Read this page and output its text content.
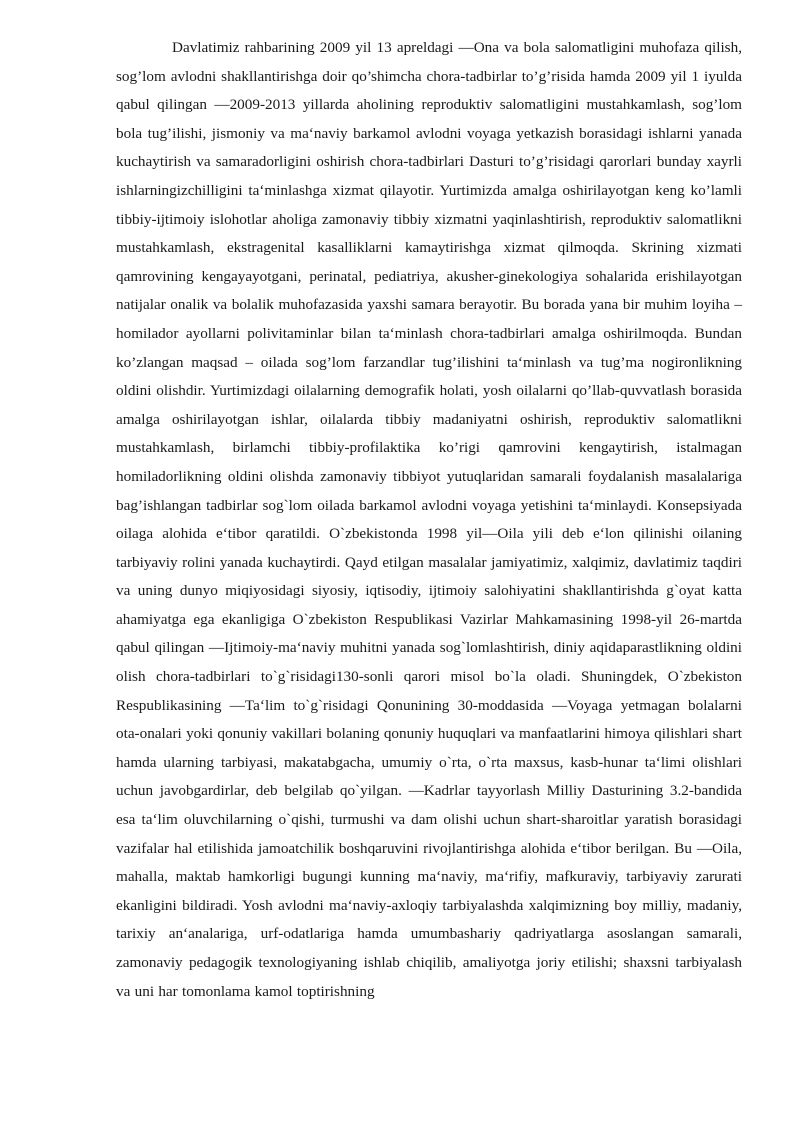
Davlatimiz rahbarining 2009 yil 13 apreldagi ―Ona va bola salomatligini muhofaza qilish, sog’lom avlodni shakllantirishga doir qo’shimcha chora-tadbirlar to’g’risida hamda 2009 yil 1 iyulda qabul qilingan ―2009-2013 yillarda aholining reproduktiv salomatligini mustahkamlash, sog’lom bola tug’ilishi, jismoniy va ma‘naviy barkamol avlodni voyaga yetkazish borasidagi ishlarni yanada kuchaytirish va samaradorligini oshirish chora-tadbirlari Dasturi to’g’risidagi qarorlari bunday xayrli ishlarningizchilligini ta‘minlashga xizmat qilayotir. Yurtimizda amalga oshirilayotgan keng ko’lamli tibbiy-ijtimoiy islohotlar aholiga zamonaviy tibbiy xizmatni yaqinlashtirish, reproduktiv salomatlikni mustahkamlash, ekstragenital kasalliklarni kamaytirishga xizmat qilmoqda. Skrining xizmati qamrovining kengayayotgani, perinatal, pediatriya, akusher-ginekologiya sohalarida erishilayotgan natijalar onalik va bolalik muhofazasida yaxshi samara berayotir. Bu borada yana bir muhim loyiha – homilador ayollarni polivitaminlar bilan ta‘minlash chora-tadbirlari amalga oshirilmoqda. Bundan ko’zlangan maqsad – oilada sog’lom farzandlar tug’ilishini ta‘minlash va tug’ma nogironlikning oldini olishdir. Yurtimizdagi oilalarning demografik holati, yosh oilalarni qo’llab-quvvatlash borasida amalga oshirilayotgan ishlar, oilalarda tibbiy madaniyatni oshirish, reproduktiv salomatlikni mustahkamlash, birlamchi tibbiy-profilaktika ko’rigi qamrovini kengaytirish, istalmagan homiladorlikning oldini olishda zamonaviy tibbiyot yutuqlaridan samarali foydalanish masalalariga bag’ishlangan tadbirlar sog`lom oilada barkamol avlodni voyaga yetishini ta‘minlaydi. Konsepsiyada oilaga alohida e‘tibor qaratildi. O`zbekistonda 1998 yil―Oila yili deb e‘lon qilinishi oilaning tarbiyaviy rolini yanada kuchaytirdi. Qayd etilgan masalalar jamiyatimiz, xalqimiz, davlatimiz taqdiri va uning dunyo miqiyosidagi siyosiy, iqtisodiy, ijtimoiy salohiyatini shakllantirishda g`oyat katta ahamiyatga ega ekanligiga O`zbekiston Respublikasi Vazirlar Mahkamasining 1998-yil 26-martda qabul qilingan ―Ijtimoiy-ma‘naviy muhitni yanada sog`lomlashtirish, diniy aqidaparastlikning oldini olish chora-tadbirlari to`g`risidagi130-sonli qarori misol bo`la oladi. Shuningdek, O`zbekiston Respublikasining ―Ta‘lim to`g`risidagi Qonunining 30-moddasida ―Voyaga yetmagan bolalarni ota-onalari yoki qonuniy vakillari bolaning qonuniy huquqlari va manfaatlarini himoya qilishlari shart hamda ularning tarbiyasi, makatabgacha, umumiy o`rta, o`rta maxsus, kasb-hunar ta‘limi olishlari uchun javobgardirlar, deb belgilab qo`yilgan. ―Kadrlar tayyorlash Milliy Dasturining 3.2-bandida esa ta‘lim oluvchilarning o`qishi, turmushi va dam olishi uchun shart-sharoitlar yaratish borasidagi vazifalar hal etilishida jamoatchilik boshqaruvini rivojlantirishga alohida e‘tibor berilgan. Bu ―Oila, mahalla, maktab hamkorligi bugungi kunning ma‘naviy, ma‘rifiy, mafkuraviy, tarbiyaviy zarurati ekanligini bildiradi. Yosh avlodni ma‘naviy-axloqiy tarbiyalashda xalqimizning boy milliy, madaniy, tarixiy an‘analariga, urf-odatlariga hamda umumbashariy qadriyatlarga asoslangan samarali, zamonaviy pedagogik texnologiyaning ishlab chiqilib, amaliyotga joriy etilishi; shaxsni tarbiyalash va uni har tomonlama kamol toptirishning
